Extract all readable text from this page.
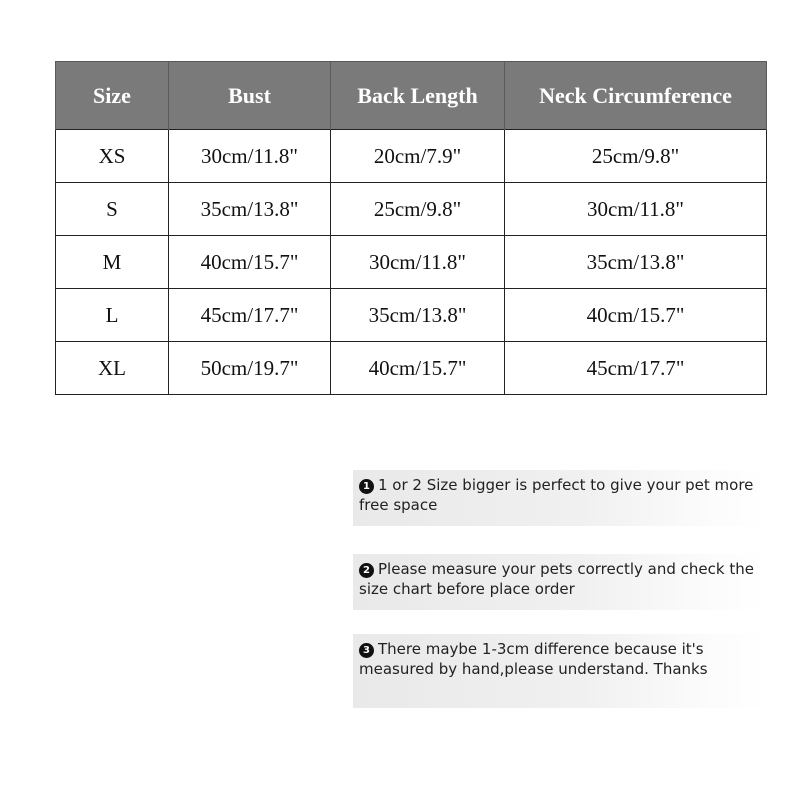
Size	Bust	Back Length	Neck Circumference
XS	30cm/11.8"	20cm/7.9"	25cm/9.8"
S	35cm/13.8"	25cm/9.8"	30cm/11.8"
M	40cm/15.7"	30cm/11.8"	35cm/13.8"
L	45cm/17.7"	35cm/13.8"	40cm/15.7"
XL	50cm/19.7"	40cm/15.7"	45cm/17.7"
1 1 or 2 Size bigger is perfect to give your pet more free space
2 Please measure your pets correctly and check the size chart before place order
3 There maybe 1-3cm difference because it's measured by hand,please understand. Thanks
